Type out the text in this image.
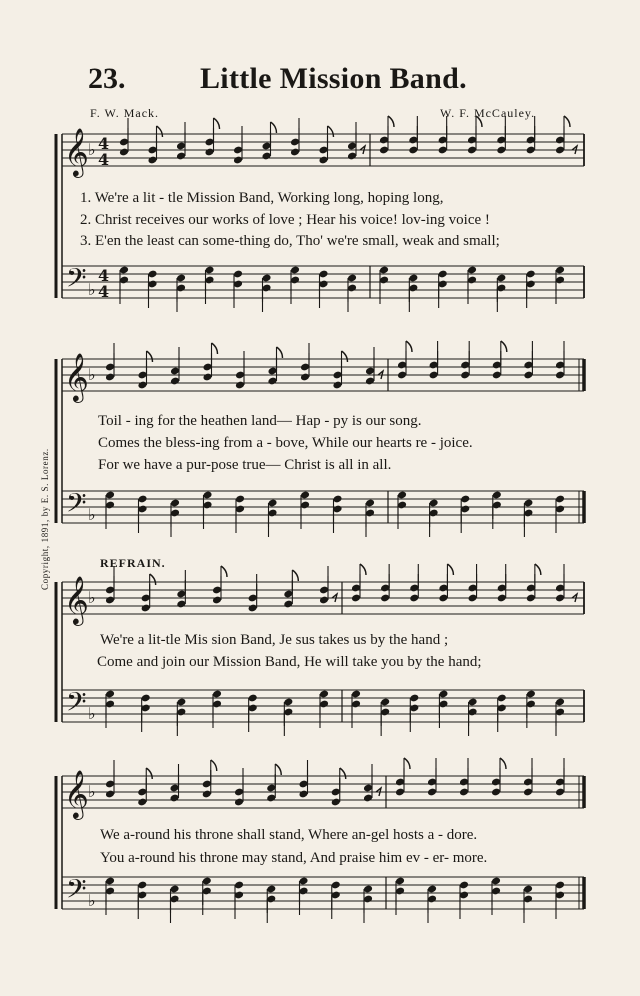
23. Little Mission Band.
F. W. Mack.	W. F. McCauley.
Copyright, 1891, by E. S. Lorenz.	REFRAIN.
𝄞
𝄢
♭
♭
4
4
4
4
𝄞
𝄢
♭
♭
𝄞
𝄢
♭
♭
𝄞
𝄢
♭
♭
1. We're a lit - tle Mission Band, Working long, hoping long,
2. Christ receives our works of love ; Hear his voice! lov-ing voice !
3. E'en the least can some-thing do, Tho' we're small, weak and small;
Toil - ing for the heathen land— Hap - py is our song.
Comes the bless-ing from a - bove, While our hearts re - joice.
For we have a pur-pose true— Christ is all in all.
We're a lit-tle Mis sion Band, Je sus takes us by the hand ;
Come and join our Mission Band, He will take you by the hand;
We a-round his throne shall stand, Where an-gel hosts a - dore.
You a-round his throne may stand, And praise him ev - er- more.
